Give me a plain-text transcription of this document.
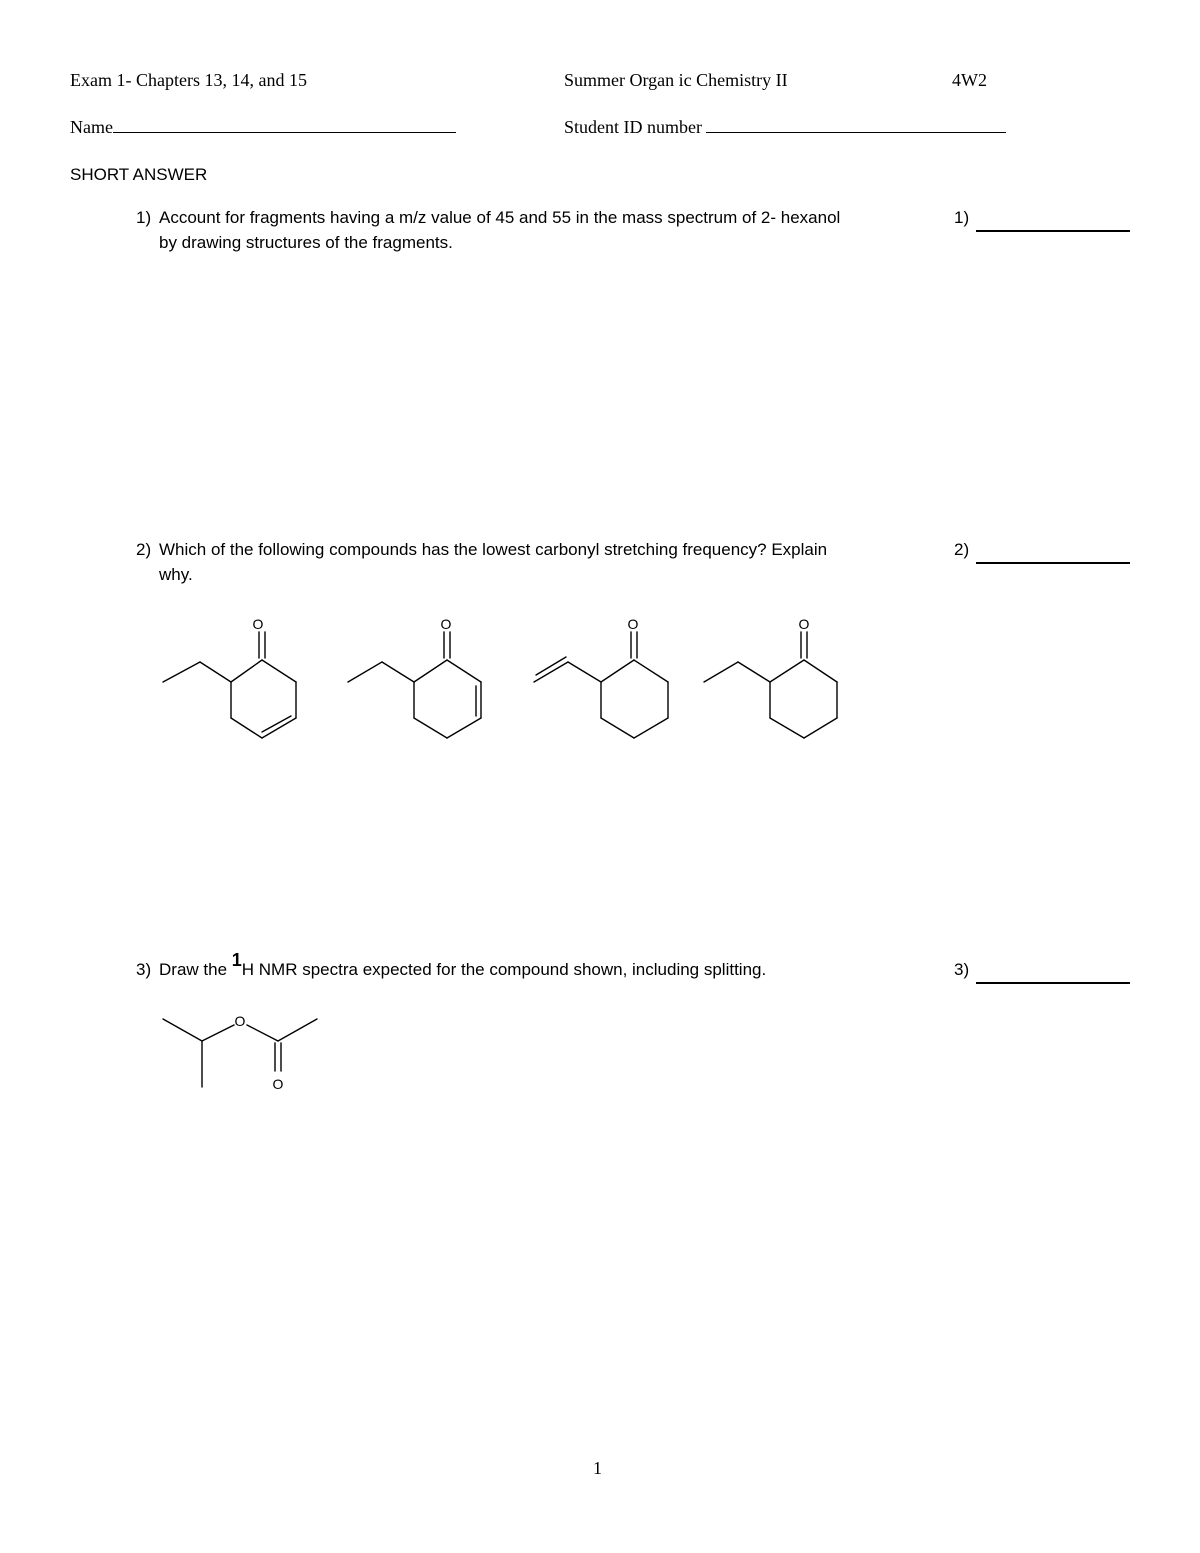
Exam 1- Chapters 13, 14, and 15	Summer Organ ic Chemistry II	4W2
Name	Student ID number
SHORT ANSWER
1) Account for fragments having a m/z value of 45 and 55 in the mass spectrum of 2- hexanol
by drawing structures of the fragments.
1)
2) Which of the following compounds has the lowest carbonyl stretching frequency? Explain
why.
2)
O	O	O	O
3) Draw the $^1$H NMR spectra expected for the compound shown, including splitting.	3)
O
O
1
